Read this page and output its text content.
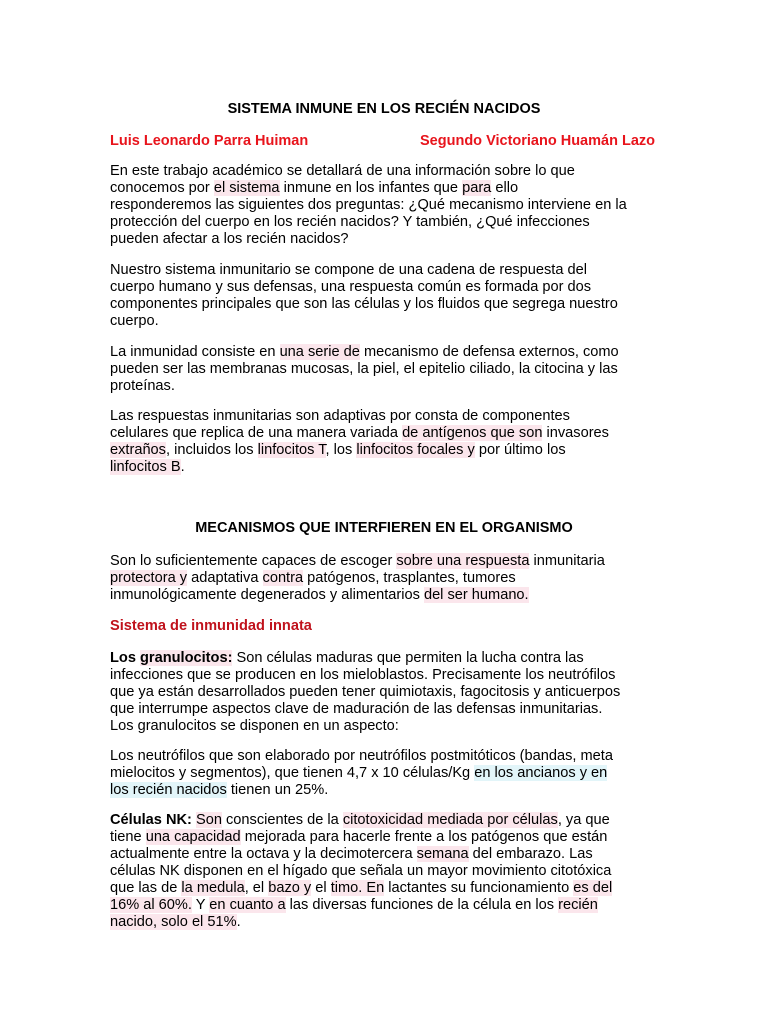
SISTEMA INMUNE EN LOS RECIÉN NACIDOS
Luis Leonardo Parra Huiman	Segundo Victoriano Huamán Lazo
En este trabajo académico se detallará de una información sobre lo que
conocemos por el sistema inmune en los infantes que para ello
responderemos las siguientes dos preguntas: ¿Qué mecanismo interviene en la
protección del cuerpo en los recién nacidos? Y también, ¿Qué infecciones
pueden afectar a los recién nacidos?
Nuestro sistema inmunitario se compone de una cadena de respuesta del
cuerpo humano y sus defensas, una respuesta común es formada por dos
componentes principales que son las células y los fluidos que segrega nuestro
cuerpo.
La inmunidad consiste en una serie de mecanismo de defensa externos, como
pueden ser las membranas mucosas, la piel, el epitelio ciliado, la citocina y las
proteínas.
Las respuestas inmunitarias son adaptivas por consta de componentes
celulares que replica de una manera variada de antígenos que son invasores
extraños, incluidos los linfocitos T, los linfocitos focales y por último los
linfocitos B.
MECANISMOS QUE INTERFIEREN EN EL ORGANISMO
Son lo suficientemente capaces de escoger sobre una respuesta inmunitaria
protectora y adaptativa contra patógenos, trasplantes, tumores
inmunológicamente degenerados y alimentarios del ser humano.
Sistema de inmunidad innata
Los granulocitos: Son células maduras que permiten la lucha contra las
infecciones que se producen en los mieloblastos. Precisamente los neutrófilos
que ya están desarrollados pueden tener quimiotaxis, fagocitosis y anticuerpos
que interrumpe aspectos clave de maduración de las defensas inmunitarias.
Los granulocitos se disponen en un aspecto:
Los neutrófilos que son elaborado por neutrófilos postmitóticos (bandas, meta
mielocitos y segmentos), que tienen 4,7 x 10 células/Kg en los ancianos y en
los recién nacidos tienen un 25%.
Células NK: Son conscientes de la citotoxicidad mediada por células, ya que
tiene una capacidad mejorada para hacerle frente a los patógenos que están
actualmente entre la octava y la decimotercera semana del embarazo. Las
células NK disponen en el hígado que señala un mayor movimiento citotóxica
que las de la medula, el bazo y el timo. En lactantes su funcionamiento es del
16% al 60%. Y en cuanto a las diversas funciones de la célula en los recién
nacido, solo el 51%.
